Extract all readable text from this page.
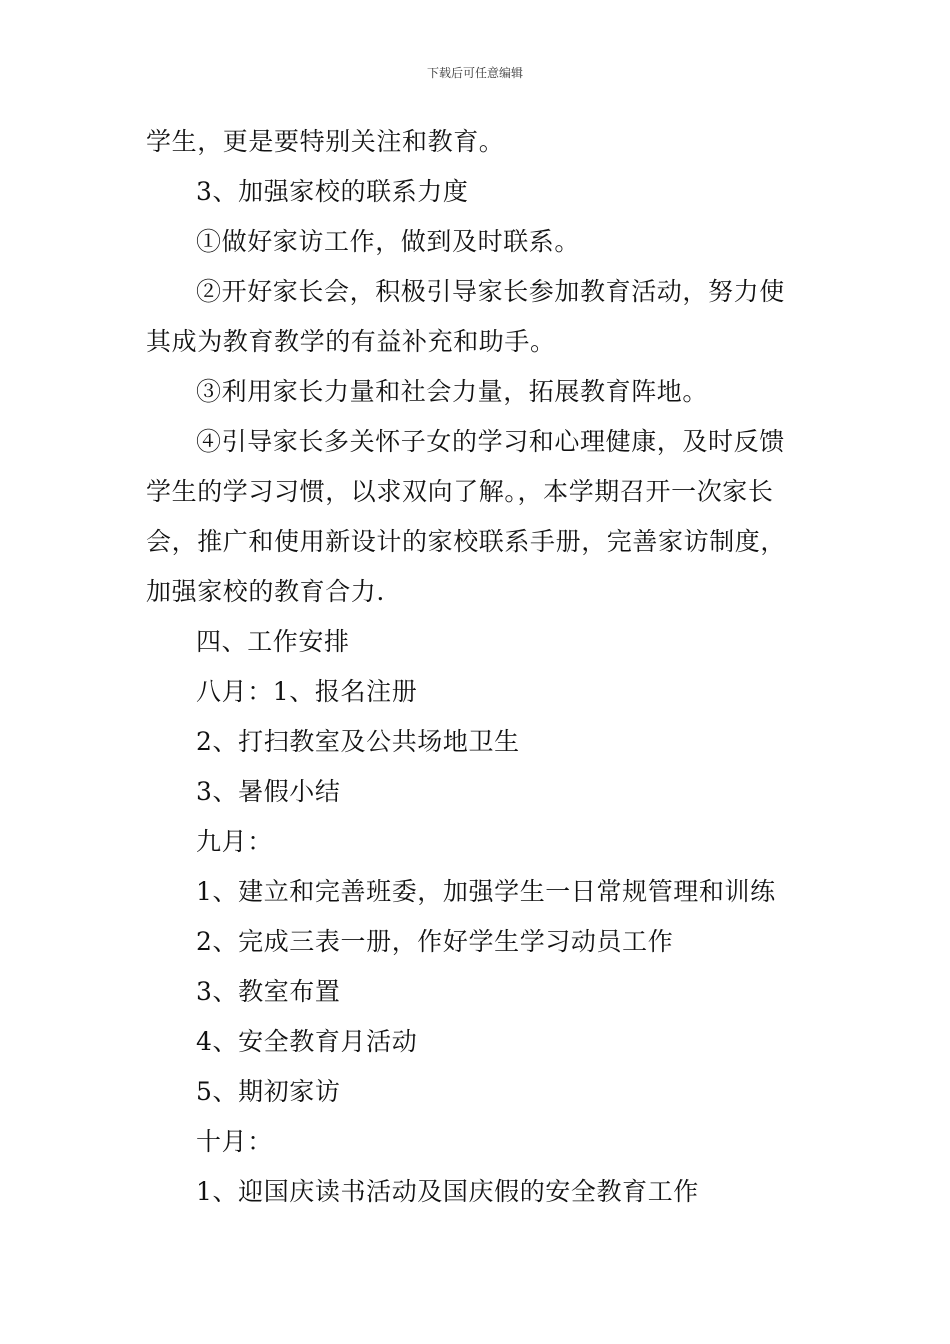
下载后可任意编辑
学生，更是要特别关注和教育。
3、加强家校的联系力度
①做好家访工作，做到及时联系。
②开好家长会，积极引导家长参加教育活动，努力使
其成为教育教学的有益补充和助手。
③利用家长力量和社会力量，拓展教育阵地。
④引导家长多关怀子女的学习和心理健康，及时反馈
学生的学习习惯，以求双向了解。，本学期召开一次家长
会，推广和使用新设计的家校联系手册，完善家访制度，
加强家校的教育合力.
四、工作安排
八月：1、报名注册
2、打扫教室及公共场地卫生
3、暑假小结
九月：
1、建立和完善班委，加强学生一日常规管理和训练
2、完成三表一册，作好学生学习动员工作
3、教室布置
4、安全教育月活动
5、期初家访
十月：
1、迎国庆读书活动及国庆假的安全教育工作
